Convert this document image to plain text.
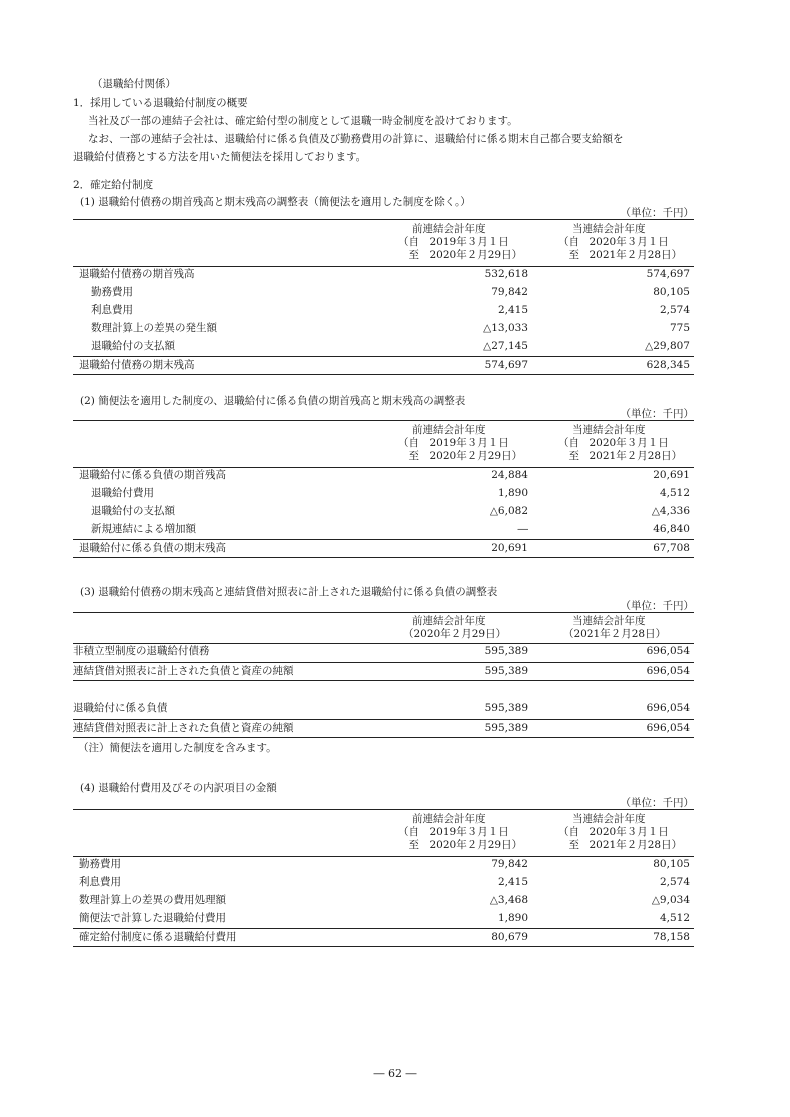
（退職給付関係）
1．採用している退職給付制度の概要
当社及び一部の連結子会社は、確定給付型の制度として退職一時金制度を設けております。
なお、一部の連結子会社は、退職給付に係る負債及び勤務費用の計算に、退職給付に係る期末自己都合要支給額を
退職給付債務とする方法を用いた簡便法を採用しております。
2．確定給付制度
(1) 退職給付債務の期首残高と期末残高の調整表（簡便法を適用した制度を除く。）
（単位：千円）
前連結会計年度
（自　2019年３月１日
　至　2020年２月29日）
当連結会計年度
（自　2020年３月１日
　至　2021年２月28日）
退職給付債務の期首残高	532,618	574,697
勤務費用	79,842	80,105
利息費用	2,415	2,574
数理計算上の差異の発生額	△13,033	775
退職給付の支払額	△27,145	△29,807
退職給付債務の期末残高	574,697	628,345
(2) 簡便法を適用した制度の、退職給付に係る負債の期首残高と期末残高の調整表
（単位：千円）
前連結会計年度
（自　2019年３月１日
　至　2020年２月29日）
当連結会計年度
（自　2020年３月１日
　至　2021年２月28日）
退職給付に係る負債の期首残高	24,884	20,691
退職給付費用	1,890	4,512
退職給付の支払額	△6,082	△4,336
新規連結による増加額	―	46,840
退職給付に係る負債の期末残高	20,691	67,708
(3) 退職給付債務の期末残高と連結貸借対照表に計上された退職給付に係る負債の調整表
（単位：千円）
前連結会計年度
（2020年２月29日）
当連結会計年度
（2021年２月28日）
非積立型制度の退職給付債務	595,389	696,054
連結貸借対照表に計上された負債と資産の純額	595,389	696,054
退職給付に係る負債	595,389	696,054
連結貸借対照表に計上された負債と資産の純額	595,389	696,054
（注）簡便法を適用した制度を含みます。
(4) 退職給付費用及びその内訳項目の金額
（単位：千円）
前連結会計年度
（自　2019年３月１日
　至　2020年２月29日）
当連結会計年度
（自　2020年３月１日
　至　2021年２月28日）
勤務費用	79,842	80,105
利息費用	2,415	2,574
数理計算上の差異の費用処理額	△3,468	△9,034
簡便法で計算した退職給付費用	1,890	4,512
確定給付制度に係る退職給付費用	80,679	78,158
― 62 ―
